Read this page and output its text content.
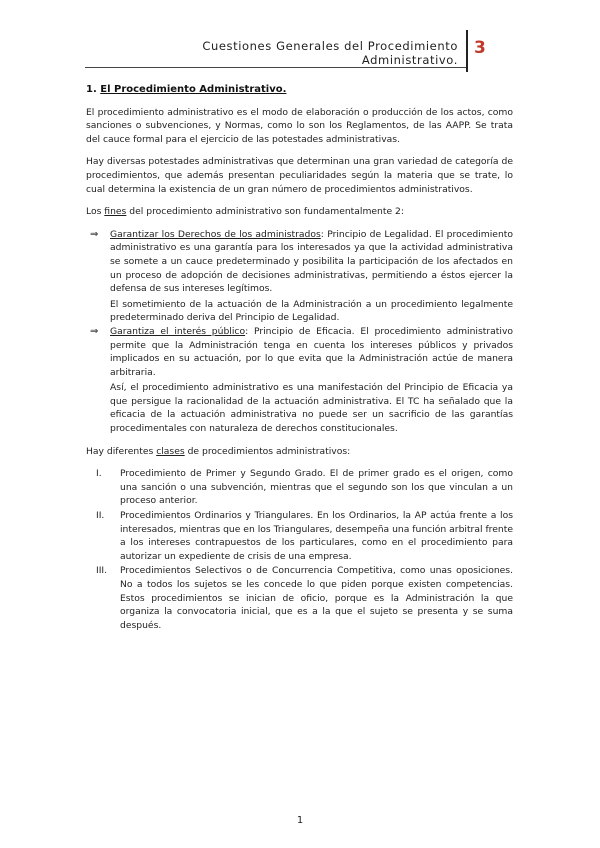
Cuestiones Generales del Procedimiento Administrativo.
3
1. El Procedimiento Administrativo.

El procedimiento administrativo es el modo de elaboración o producción de los actos, como sanciones o subvenciones, y Normas, como lo son los Reglamentos, de las AAPP. Se trata del cauce formal para el ejercicio de las potestades administrativas.

Hay diversas potestades administrativas que determinan una gran variedad de categoría de procedimientos, que además presentan peculiaridades según la materia que se trate, lo cual determina la existencia de un gran número de procedimientos administrativos.

Los fines del procedimiento administrativo son fundamentalmente 2:

⇒ Garantizar los Derechos de los administrados: Principio de Legalidad. El procedimiento administrativo es una garantía para los interesados ya que la actividad administrativa se somete a un cauce predeterminado y posibilita la participación de los afectados en un proceso de adopción de decisiones administrativas, permitiendo a éstos ejercer la defensa de sus intereses legítimos.
El sometimiento de la actuación de la Administración a un procedimiento legalmente predeterminado deriva del Principio de Legalidad.
⇒ Garantiza el interés público: Principio de Eficacia. El procedimiento administrativo permite que la Administración tenga en cuenta los intereses públicos y privados implicados en su actuación, por lo que evita que la Administración actúe de manera arbitraria.
Así, el procedimiento administrativo es una manifestación del Principio de Eficacia ya que persigue la racionalidad de la actuación administrativa. El TC ha señalado que la eficacia de la actuación administrativa no puede ser un sacrificio de las garantías procedimentales con naturaleza de derechos constitucionales.

Hay diferentes clases de procedimientos administrativos:

I. Procedimiento de Primer y Segundo Grado. El de primer grado es el origen, como una sanción o una subvención, mientras que el segundo son los que vinculan a un proceso anterior.
II. Procedimientos Ordinarios y Triangulares. En los Ordinarios, la AP actúa frente a los interesados, mientras que en los Triangulares, desempeña una función arbitral frente a los intereses contrapuestos de los particulares, como en el procedimiento para autorizar un expediente de crisis de una empresa.
III. Procedimientos Selectivos o de Concurrencia Competitiva, como unas oposiciones. No a todos los sujetos se les concede lo que piden porque existen competencias. Estos procedimientos se inician de oficio, porque es la Administración la que organiza la convocatoria inicial, que es a la que el sujeto se presenta y se suma después.
1
